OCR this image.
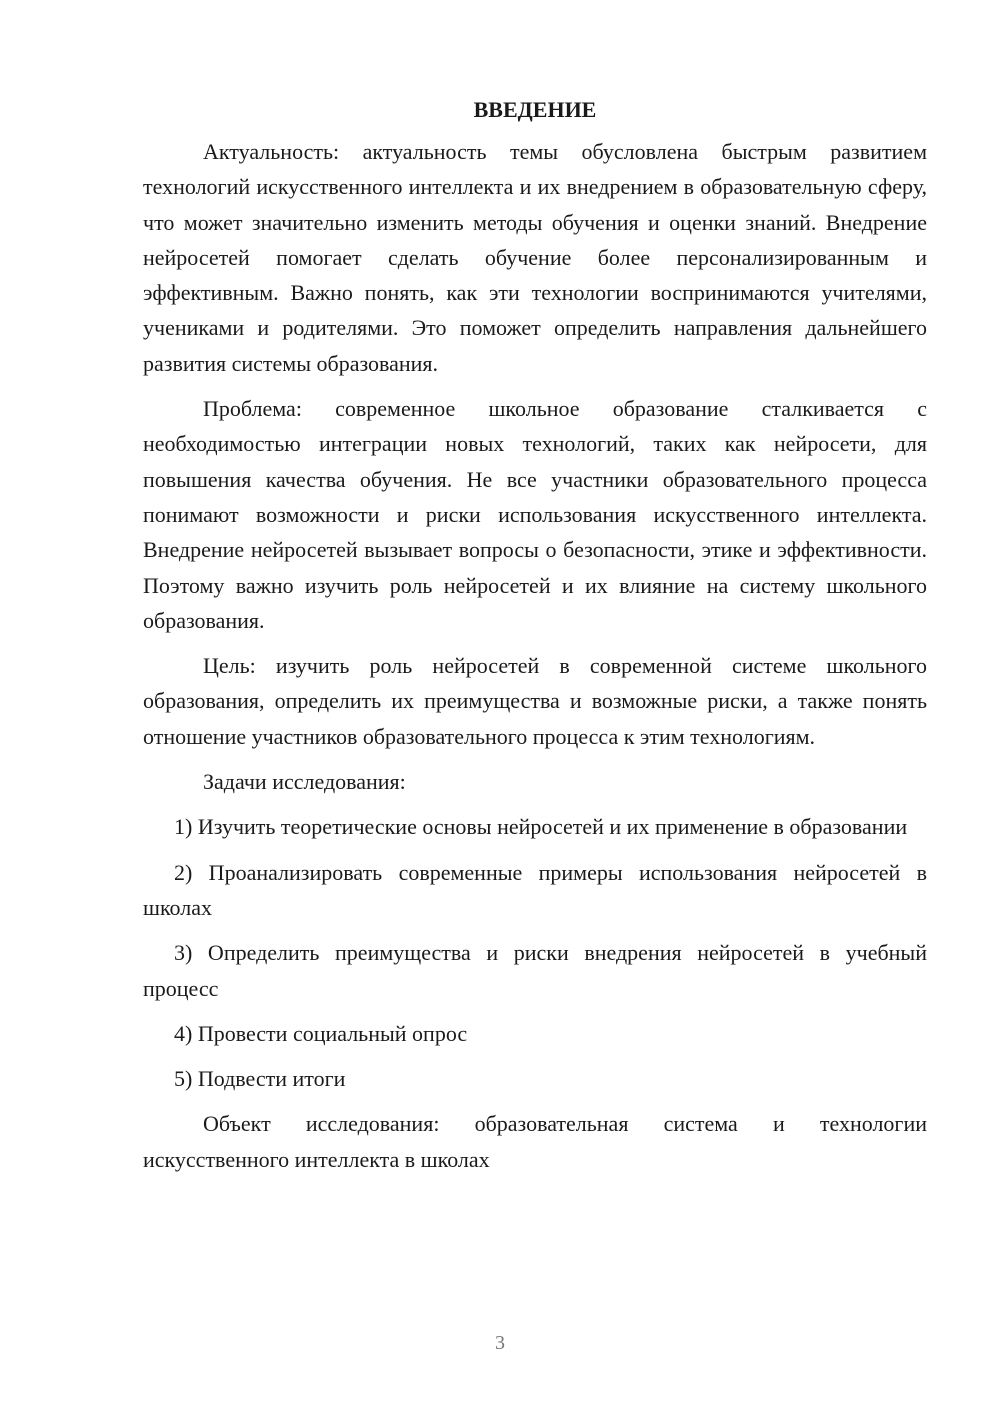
ВВЕДЕНИЕ

Актуальность: актуальность темы обусловлена быстрым развитием технологий искусственного интеллекта и их внедрением в образовательную сферу, что может значительно изменить методы обучения и оценки знаний. Внедрение нейросетей помогает сделать обучение более персонализированным и эффективным. Важно понять, как эти технологии воспринимаются учителями, учениками и родителями. Это поможет определить направления дальнейшего развития системы образования.

Проблема: современное школьное образование сталкивается с необходимостью интеграции новых технологий, таких как нейросети, для повышения качества обучения. Не все участники образовательного процесса понимают возможности и риски использования искусственного интеллекта. Внедрение нейросетей вызывает вопросы о безопасности, этике и эффективности. Поэтому важно изучить роль нейросетей и их влияние на систему школьного образования.

Цель: изучить роль нейросетей в современной системе школьного образования, определить их преимущества и возможные риски, а также понять отношение участников образовательного процесса к этим технологиям.

Задачи исследования:

1) Изучить теоретические основы нейросетей и их применение в образовании

2) Проанализировать современные примеры использования нейросетей в школах

3) Определить преимущества и риски внедрения нейросетей в учебный процесс

4) Провести социальный опрос

5) Подвести итоги

Объект исследования: образовательная система и технологии искусственного интеллекта в школах

3
